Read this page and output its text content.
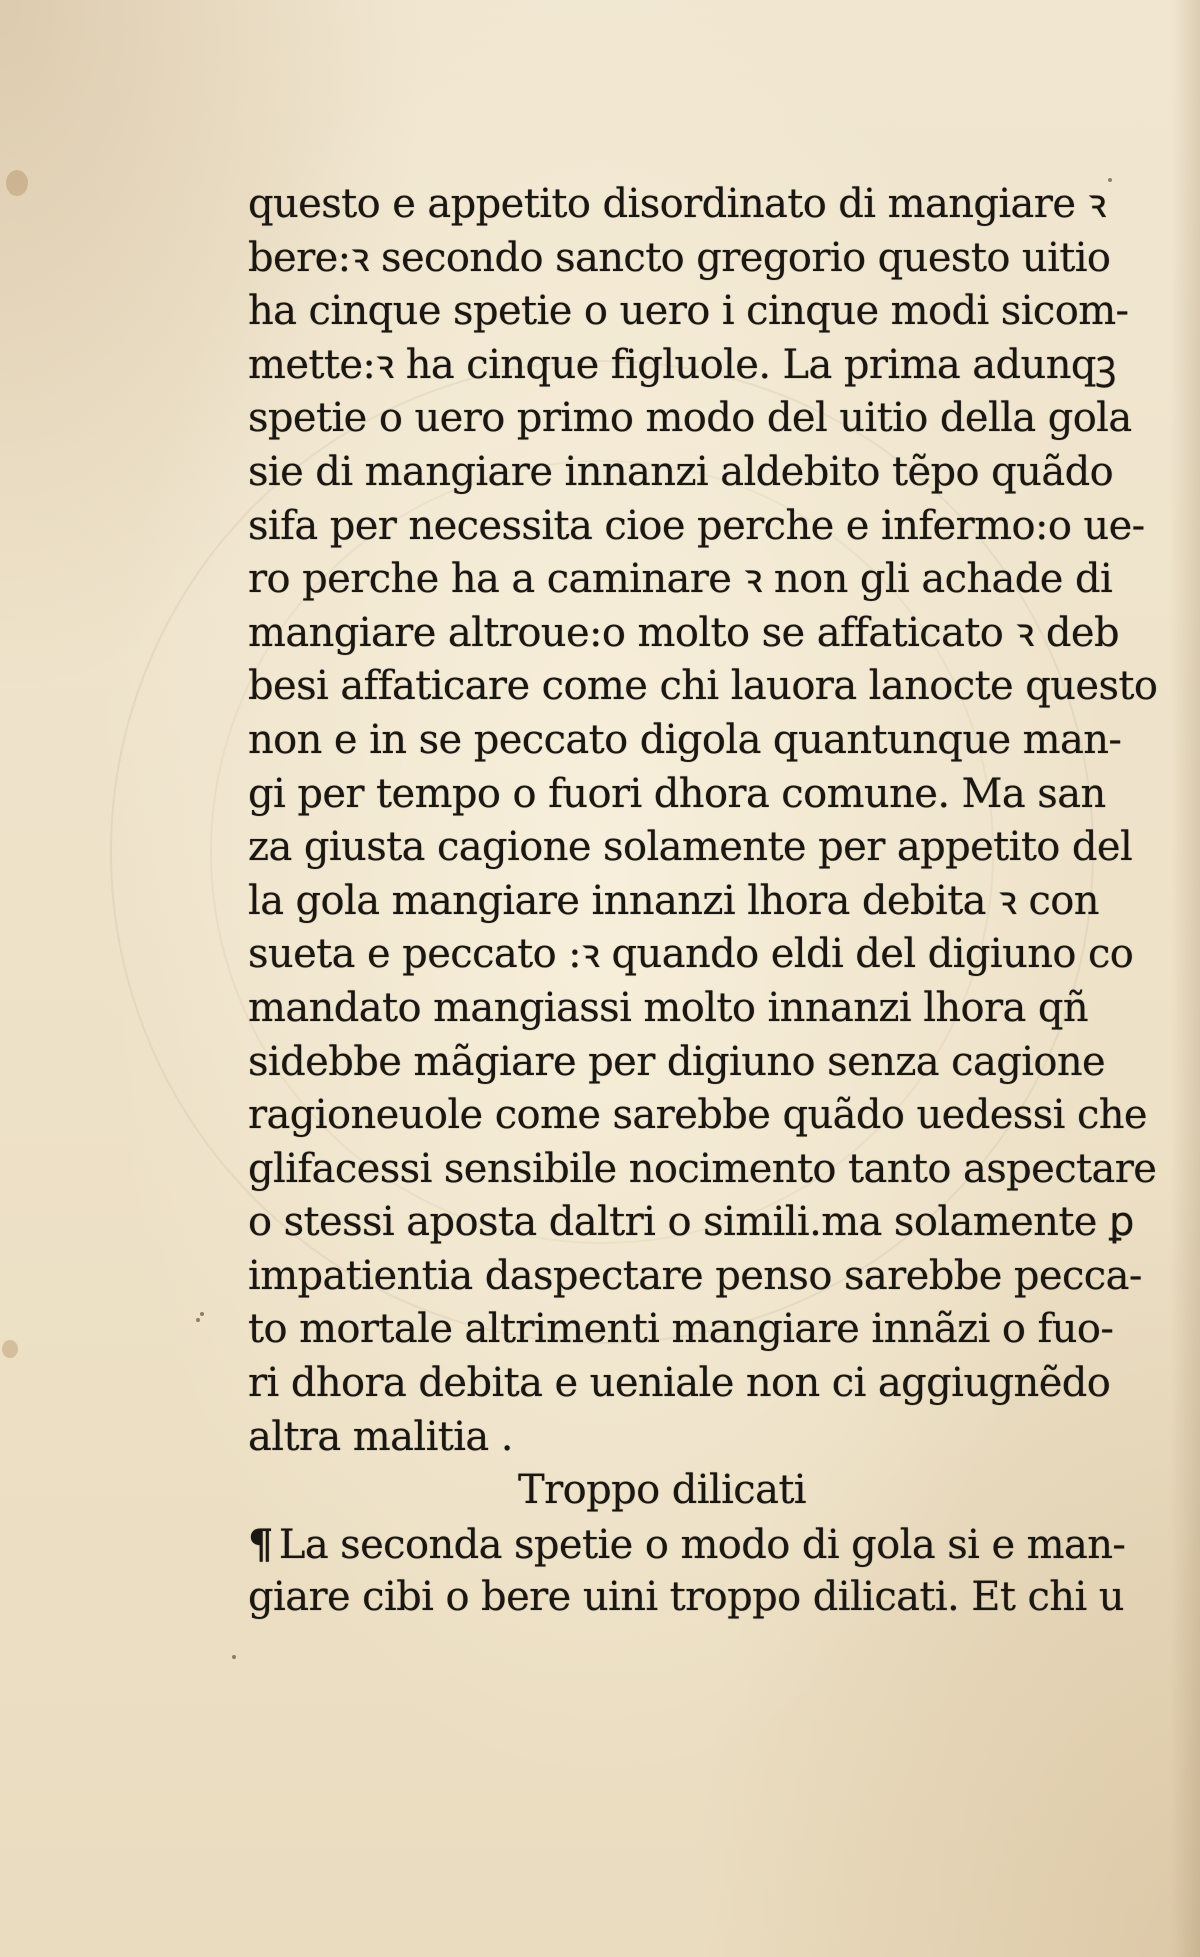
questo e appetito disordinato di mangiare ꝛ
bere:ꝛ secondo sancto gregorio questo uitio
ha cinque spetie o uero i cinque modi sicom-
mette:ꝛ ha cinque figluole. La prima adunqꝫ
spetie o uero primo modo del uitio della gola
sie di mangiare innanzi aldebito tẽpo quãdo
sifa per necessita cioe perche e infermo:o ue-
ro perche ha a caminare ꝛ non gli achade di
mangiare altroue:o molto se affaticato ꝛ deb
besi affaticare come chi lauora lanocte questo
non e in se peccato digola quantunque man-
gi per tempo o fuori dhora comune. Ma san
za giusta cagione solamente per appetito del
la gola mangiare innanzi lhora debita ꝛ con
sueta e peccato :ꝛ quando eldi del digiuno co
mandato mangiassi molto innanzi lhora qñ
sidebbe mãgiare per digiuno senza cagione
ragioneuole come sarebbe quãdo uedessi che
glifacessi sensibile nocimento tanto aspectare
o stessi aposta daltri o simili.ma solamente ꝑ
impatientia daspectare penso sarebbe pecca-
to mortale altrimenti mangiare innãzi o fuo-
ri dhora debita e ueniale non ci aggiugnẽdo
altra malitia .
Troppo dilicati
¶ La seconda spetie o modo di gola si e man-
giare cibi o bere uini troppo dilicati. Et chi u
